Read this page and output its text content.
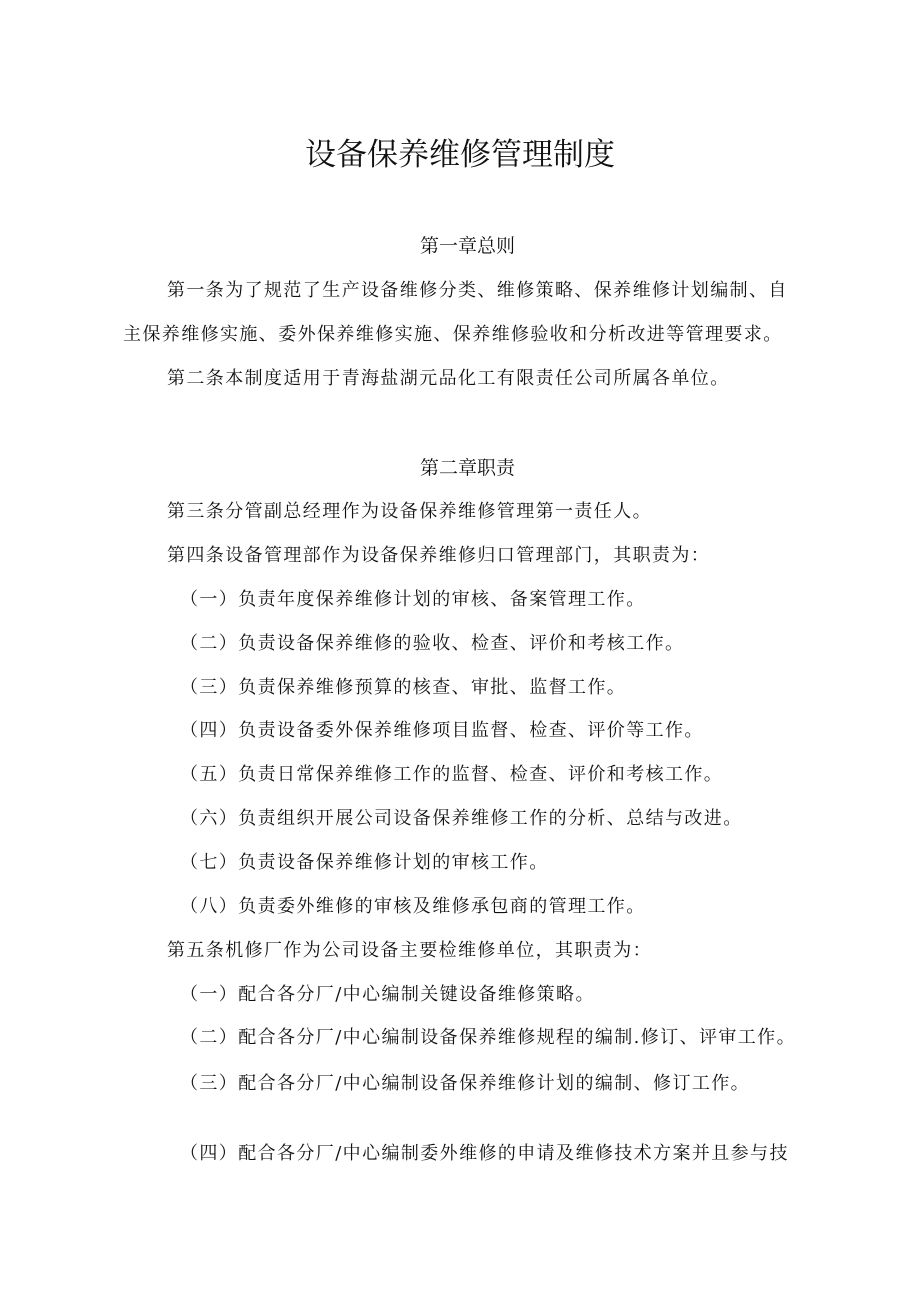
设备保养维修管理制度
第一章总则

第一条为了规范了生产设备维修分类、维修策略、保养维修计划编制、自

主保养维修实施、委外保养维修实施、保养维修验收和分析改进等管理要求。

第二条本制度适用于青海盐湖元品化工有限责任公司所属各单位。

第二章职责

第三条分管副总经理作为设备保养维修管理第一责任人。

第四条设备管理部作为设备保养维修归口管理部门，其职责为：

（一）负责年度保养维修计划的审核、备案管理工作。

（二）负责设备保养维修的验收、检查、评价和考核工作。

（三）负责保养维修预算的核查、审批、监督工作。

（四）负责设备委外保养维修项目监督、检查、评价等工作。

（五）负责日常保养维修工作的监督、检查、评价和考核工作。

（六）负责组织开展公司设备保养维修工作的分析、总结与改进。

（七）负责设备保养维修计划的审核工作。

（八）负责委外维修的审核及维修承包商的管理工作。

第五条机修厂作为公司设备主要检维修单位，其职责为：

（一）配合各分厂/中心编制关键设备维修策略。

（二）配合各分厂/中心编制设备保养维修规程的编制.修订、评审工作。

（三）配合各分厂/中心编制设备保养维修计划的编制、修订工作。

（四）配合各分厂/中心编制委外维修的申请及维修技术方案并且参与技
